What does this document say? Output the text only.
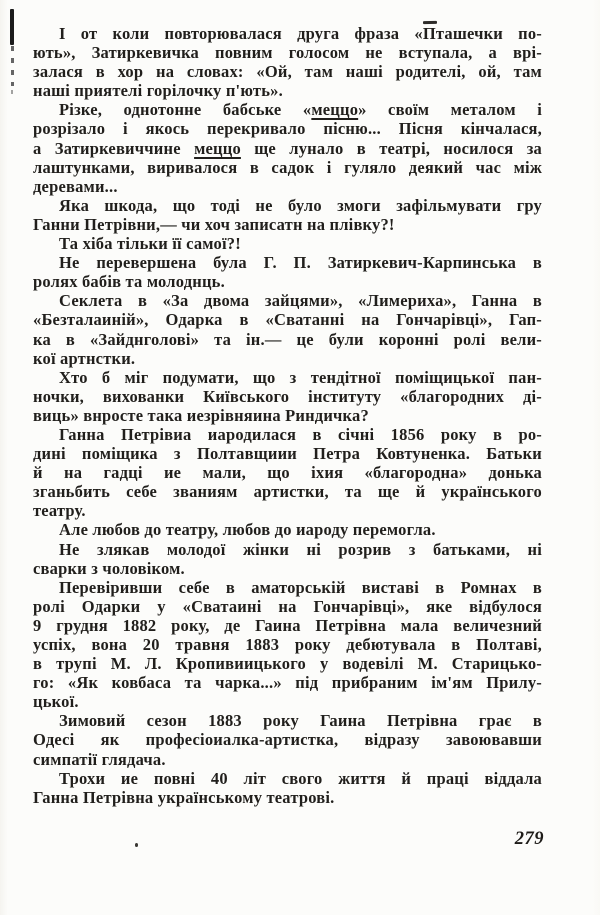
І от коли повторювалася друга фраза «Пташечки по-
ють», Затиркевичка повним голосом не вступала, а врі-
залася в хор на словах: «Ой, там наші родителі, ой, там
наші приятелі горілочку п'ють».
Різке, однотонне бабське «меццо» своїм металом і
розрізало і якось перекривало пісню... Пісня кінчалася,
а Затиркевиччине меццо ще лунало в театрі, носилося за
лаштунками, виривалося в садок і гуляло деякий час між
деревами...
Яка шкода, що тоді не було змоги зафільмувати гру
Ганни Петрівни,— чи хоч записатн на плівку?!
Та хіба тільки її самої?!
Не перевершена була Г. П. Затиркевич-Карпинська в
ролях бабів та молоднць.
Секлета в «За двома зайцями», «Лимериха», Ганна в
«Безталаиній», Одарка в «Сватанні на Гончарівці», Гап-
ка в «Зайднголові» та ін.— це були коронні ролі вели-
кої артнстки.
Хто б міг подумати, що з тендітної поміщицької пан-
ночки, вихованки Київського інституту «благородних ді-
виць» внросте така иезрівняина Риндичка?
Ганна Петрівиа иародилася в січні 1856 року в ро-
дині поміщика з Полтавщиии Петра Ковтуненка. Батьки
й на гадці ие мали, що іхия «благородна» донька
зганьбить себе званиям артистки, та ще й українського
театру.
Але любов до театру, любов до иароду перемогла.
Не злякав молодої жінки ні розрив з батьками, ні
сварки з чоловіком.
Перевіривши себе в аматорській виставі в Ромнах в
ролі Одарки у «Сватаині на Гончарівці», яке відбулося
9 грудня 1882 року, де Гаина Петрівна мала величезний
успіх, вона 20 травня 1883 року дебютувала в Полтаві,
в трупі М. Л. Кропивиицького у водевілі М. Старицько-
го: «Як ковбаса та чарка...» під прибраним ім'ям Прилу-
цької.
Зимовий сезон 1883 року Гаина Петрівна грає в
Одесі як професіоиалка-артистка, відразу завоювавши
симпатії глядача.
Трохи ие повні 40 літ свого життя й праці віддала
Ганна Петрівна українському театрові.
279
